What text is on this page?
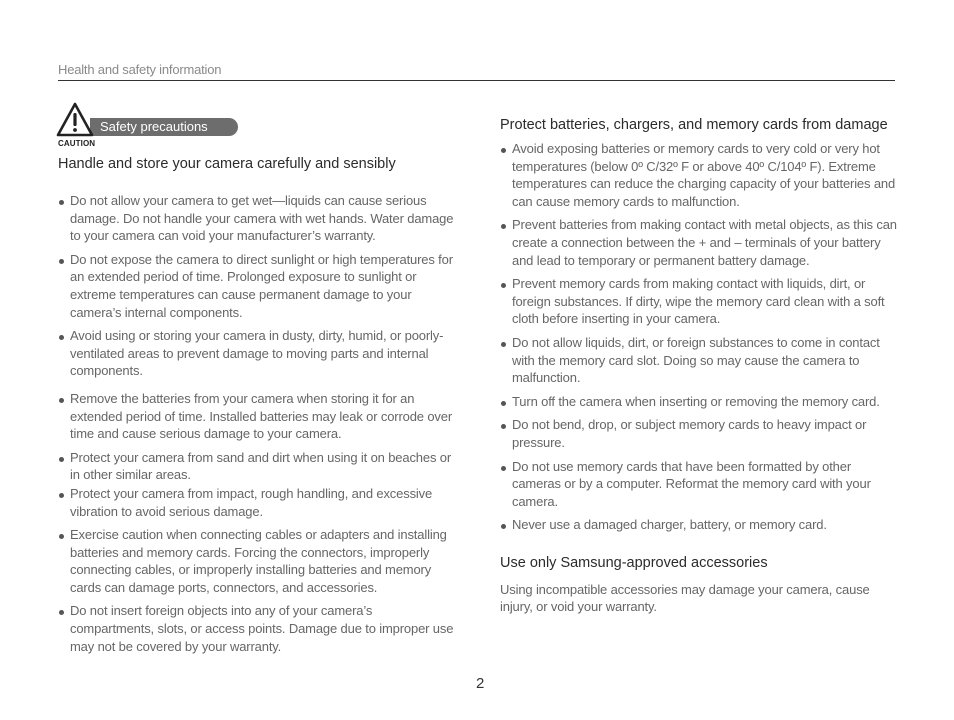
Health and safety information
Safety precautions
CAUTION

Handle and store your camera carefully and sensibly

Do not allow your camera to get wet—liquids can cause serious damage. Do not handle your camera with wet hands. Water damage to your camera can void your manufacturer’s warranty.
Do not expose the camera to direct sunlight or high temperatures for an extended period of time. Prolonged exposure to sunlight or extreme temperatures can cause permanent damage to your camera’s internal components.
Avoid using or storing your camera in dusty, dirty, humid, or poorly-ventilated areas to prevent damage to moving parts and internal components.
Remove the batteries from your camera when storing it for an extended period of time. Installed batteries may leak or corrode over time and cause serious damage to your camera.
Protect your camera from sand and dirt when using it on beaches or in other similar areas.
Protect your camera from impact, rough handling, and excessive vibration to avoid serious damage.
Exercise caution when connecting cables or adapters and installing batteries and memory cards. Forcing the connectors, improperly connecting cables, or improperly installing batteries and memory cards can damage ports, connectors, and accessories.
Do not insert foreign objects into any of your camera’s compartments, slots, or access points. Damage due to improper use may not be covered by your warranty.

Protect batteries, chargers, and memory cards from damage

Avoid exposing batteries or memory cards to very cold or very hot temperatures (below 0º C/32º F or above 40º C/104º F). Extreme temperatures can reduce the charging capacity of your batteries and can cause memory cards to malfunction.
Prevent batteries from making contact with metal objects, as this can create a connection between the + and – terminals of your battery and lead to temporary or permanent battery damage.
Prevent memory cards from making contact with liquids, dirt, or foreign substances. If dirty, wipe the memory card clean with a soft cloth before inserting in your camera.
Do not allow liquids, dirt, or foreign substances to come in contact with the memory card slot. Doing so may cause the camera to malfunction.
Turn off the camera when inserting or removing the memory card.
Do not bend, drop, or subject memory cards to heavy impact or pressure.
Do not use memory cards that have been formatted by other cameras or by a computer. Reformat the memory card with your camera.
Never use a damaged charger, battery, or memory card.

Use only Samsung-approved accessories

Using incompatible accessories may damage your camera, cause injury, or void your warranty.

2
